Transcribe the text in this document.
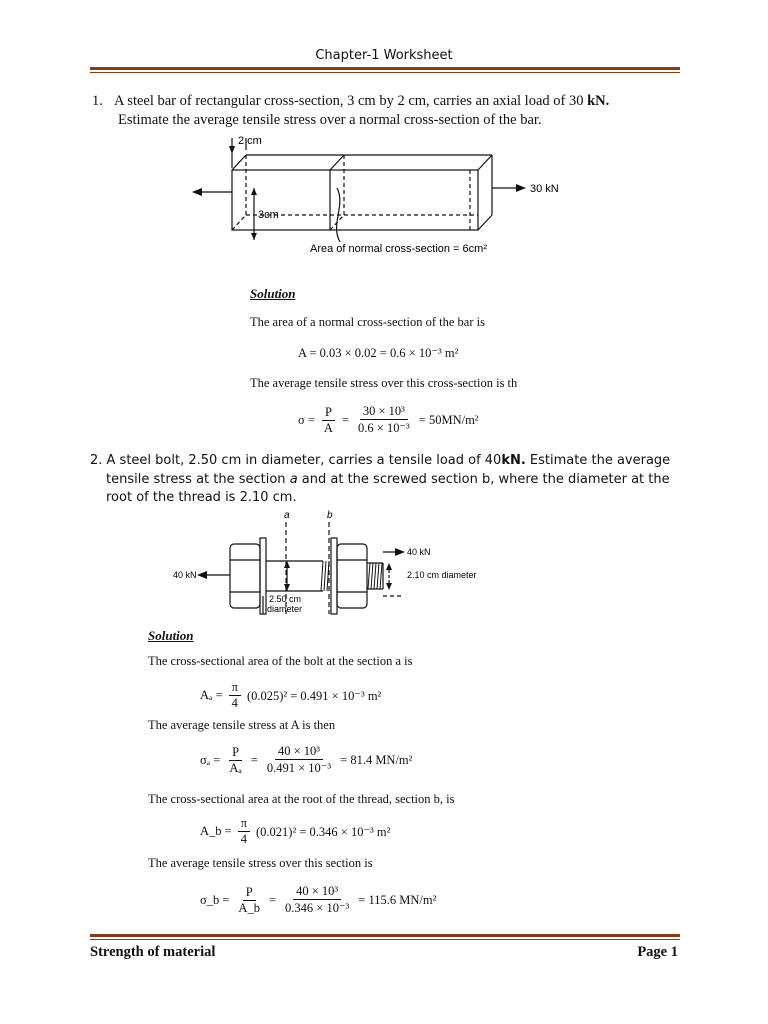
Chapter-1 Worksheet
1. A steel bar of rectangular cross-section, 3 cm by 2 cm, carries an axial load of 30 kN.
Estimate the average tensile stress over a normal cross-section of the bar.
2 cm
3cm
30 kN
Area of normal cross-section = 6cm²
Solution
The area of a normal cross-section of the bar is
A = 0.03 × 0.02 = 0.6 × 10⁻³ m²
The average tensile stress over this cross-section is th
$\sigma = \frac{P}{A} = \frac{\text{30 × 10³}}{\text{0.6 × 10⁻³}} = 50MN/m^2$
2. A steel bolt, 2.50 cm in diameter, carries a tensile load of 40kN. Estimate the average
tensile stress at the section a and at the screwed section b, where the diameter at the
root of the thread is 2.10 cm.
a	b
40 kN
40 kN
2.10 cm diameter
2.50 cm
diameter
Solution
The cross-sectional area of the bolt at the section a is
$A_a = \frac{\pi}{4} (0.025)^2 = 0.491 \times 10^{-3}$ m²
The average tensile stress at A is then
$\sigma_a = \frac{P}{\text{Aₐ}} = \frac{\text{40 × 10³}}{\text{0.491 × 10⁻³}} = 81.4$ MN/m²
The cross-sectional area at the root of the thread, section b, is
A_b = $\frac{\pi}{4} (0.021)^2 = 0.346 \times 10^{-3}$ m²
The average tensile stress over this section is
σ_b = $\frac{P}{A\_b} = \frac{\text{40 × 10³}}{\text{0.346 × 10⁻³}} = 115.6$ MN/m²
Strength of material	Page 1
